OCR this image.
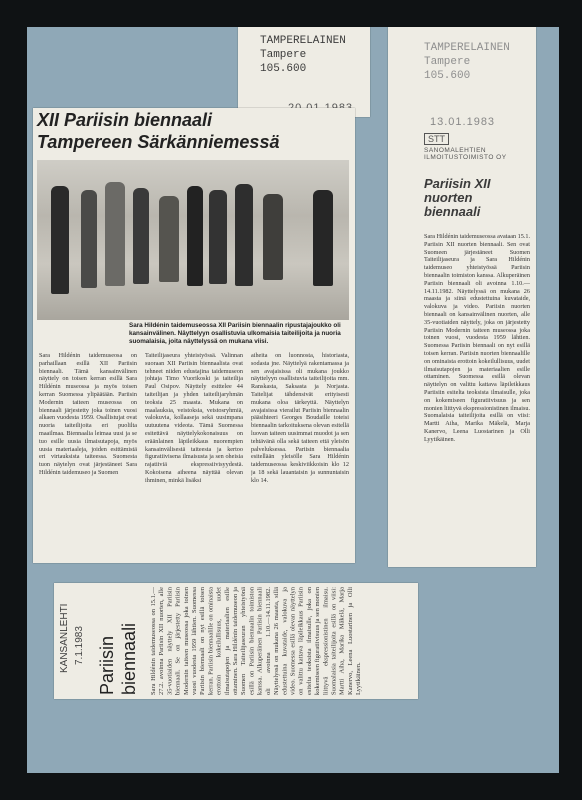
TAMPERELAINEN
Tampere
105.600
XII Pariisin biennaali
Tampereen Särkänniemessä
Sara Hildénin taidemuseossa XII Pariisin biennaalin ripustajajoukko oli kansainvälinen. Näyttelyyn osallistuvia ulkomaisia taiteilijoita ja nuoria suomalaisia, joita näyttelyssä on mukana viisi.
Sara Hildénin taidemuseosa on parhaillaan esillä XII Pariisin biennaali. Tämä kansainvälinen näyttely on toisen kerran esillä Sara Hildénin museossa ja myös toisen kerran Suomessa ylipäätään. Pariisin Modernin taiteen museossa on biennaali järjestetty joka toinen vuosi alkaen vuodesta 1959. Osallistujat ovat nuoria taiteilijoita eri puolilta maailmaa. Biennaalia leimaa uusi ja se tuo esille uusia ilmaisutapoja, myös uusia materiaaleja, joiden esittämistä eri virtauksista taiteessa. Suomesta tuon näytelyn ovat järjestäneet Sara Hildénin taidemuseo ja Suomen
Taiteilijaseura yhteistyössä. Valinnan suoraan XII Pariisin biennaalista ovat tehneet niiden edustajina taidemuseon johtaja Timo Vuorikoski ja taiteilija Paul Osipov. Näyttely esittelee 44 taiteilijan ja yhden taiteilijaryhmän teoksia 25 maasta. Mukana on maalauksia, veistoksia, veistosryhmiä, valokuvia, kollaaseja sekä uusimpana uutuutena videota. Tämä Suomessa esitettävä näyttelykokonaisuus on eräänlainen läpileikkaus nuorempien kansainvälisestä taiteesta ja kertoo figuratiivisena ilmaisusta ja sen oheisia rajatiiviä ekspressiivisyydestä. Kokoisena aiheena näyttää olevan ihminen, minkä lisäksi
aiheita on luonnosta, historiasta, sodasta jne. Näyttelyä rakentamassa ja sen avajaisissa oli mukana joukko näyttelyyn osallistuvia taiteilijoita mm. Ranskasta, Saksasta ja Norjasta. Taitelijat tähdensivät erityisesti mukana oloa tärkeyttä. Näyttelyn avajaisissa vierailut Pariisin biennaalin pääsihteeri Georges Boudaille toteisi biennaalin tarkoituksena olevan esitellä luovan taiteen uusimmat muodot ja sen tehtävänä olla sekä taiteen että yleisön palveluksessa. Pariisin biennaalia esitellään yleisölle Sara Hildénin taidemuseossa keskiviikkoisin klo 12 ja 18 sekä lauantaisin ja sunnuntaisin klo 14.
TAMPERELAINEN
Tampere
105.600
13.01.1983
STT
SANOMALEHTIEN ILMOITUSTOIMISTO OY
Pariisin XII nuorten biennaali
Sara Hildénin taidemuseossa avataan 15.1. Pariisin XII nuorten biennaali. Sen ovat Suomeen järjestäneet Suomen Taiteilijaseura ja Sara Hildénin taidemuseo yhteistyössä Pariisin biennaalin toimiston kanssa. Alkuperäinen Pariisin biennaali oli avoinna 1.10.—14.11.1982. Näyttelyssä on mukana 26 maasta ja siinä edustettuina kuvataide, valokuva ja video. Pariisin nuorten biennaali on kansainvälinen nuorten, alle 35-vuotiaiden näyttely, joka on järjestetty Pariisin Modernin taiteen museossa joka toinen vuosi, vuodesta 1959 lähtien. Suomessa Pariisin biennaali on nyt esillä toisen kerran. Pariisin nuorten biennaalille on ominaista erottoin kokeilullisuus, uudet ilmaisutapojen ja materiaalien esille ottaminen. Suomessa esillä olevan näyttelyn on valittu kattava läpileikkaus Pariisiin esitelta teoksista ilmaisulle, joka on kokemiseen figuratiivisuus ja sen monien liittyvä ekspressionistinen ilmaisu. Suomalaisia taiteilijoita esillä on viisi: Martti Aiha, Marika Mäkelä, Marja Kanervo, Leena Luostarinen ja Olli Lyytikäinen.
KANSANLEHTI 7.1.1983 Pariisin biennaali Sara Hildénin taidemuseossa on 15.1.—27.2. avoinna Pariisin XII nuorten, alle 35-vuotiaiden näyttely XII Pariisin biennaali. Se on järjestetty Pariisin Modernin taiteen museossa joka toinen vuosi vuodesta 1959 lähtien. Suomessa Pariisin biennaali on nyt esillä toisen kerran. Pariisin biennaalille on ominaista erottoin kokeilullisuus, uudet ilmaisutapojen ja materiaalien esille ottaminen. Sara Hildénin taidemuseon ja Suomen Taiteilijaseuran yhteistyönä esillä on Pariisin biennaalin toimiston kanssa. Alkuperäinen Pariisin biennaali oli avoinna 1.10.—14.11.1982. Näyttelyssä on mukana 26 maasta, sillä edustettuina kuvataide, valokuva ja video. Suomessa esillä olevan näyttelyn on valittu kattava läpileikkaus Pariisin esitelta teoksista ilmaisulle, joka on kokemiseen figuratiivisuus ja sen monien liittyvä ekspressionistinen ilmaisu. Suomalaisia taiteilijoita esillä on viisi: Martti Aiha, Marika Mäkelä, Marja Kanervo, Leena Luostarinen ja Olli Lyytikäinen.
